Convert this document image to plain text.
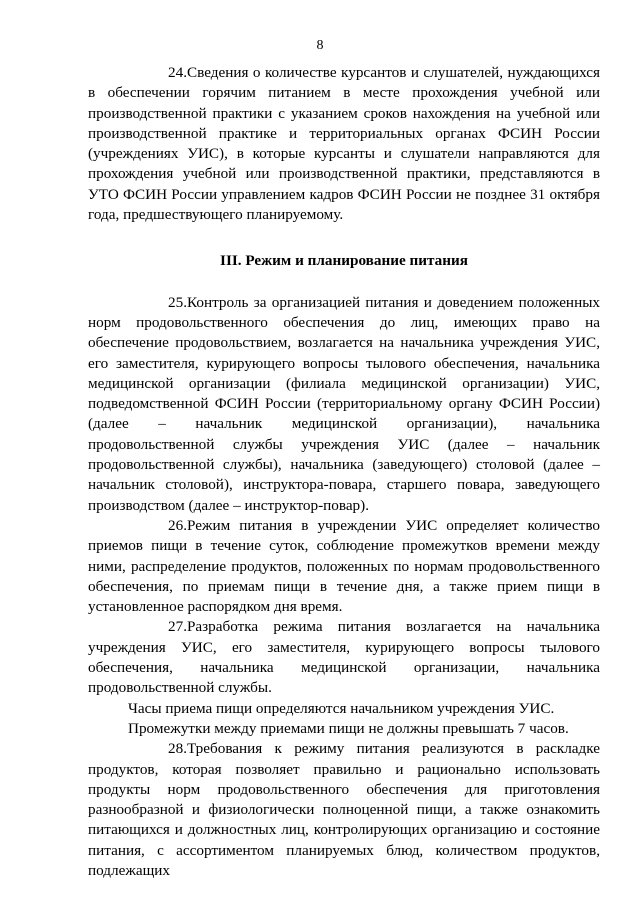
8

24.Сведения о количестве курсантов и слушателей, нуждающихся в обеспечении горячим питанием в месте прохождения учебной или производственной практики с указанием сроков нахождения на учебной или производственной практике и территориальных органах ФСИН России (учреждениях УИС), в которые курсанты и слушатели направляются для прохождения учебной или производственной практики, представляются в УТО ФСИН России управлением кадров ФСИН России не позднее 31 октября года, предшествующего планируемому.

III. Режим и планирование питания

25.Контроль за организацией питания и доведением положенных норм продовольственного обеспечения до лиц, имеющих право на обеспечение продовольствием, возлагается на начальника учреждения УИС, его заместителя, курирующего вопросы тылового обеспечения, начальника медицинской организации (филиала медицинской организации) УИС, подведомственной ФСИН России (территориальному органу ФСИН России) (далее – начальник медицинской организации), начальника продовольственной службы учреждения УИС (далее – начальник продовольственной службы), начальника (заведующего) столовой (далее – начальник столовой), инструктора-повара, старшего повара, заведующего производством (далее – инструктор-повар).

26.Режим питания в учреждении УИС определяет количество приемов пищи в течение суток, соблюдение промежутков времени между ними, распределение продуктов, положенных по нормам продовольственного обеспечения, по приемам пищи в течение дня, а также прием пищи в установленное распорядком дня время.

27.Разработка режима питания возлагается на начальника учреждения УИС, его заместителя, курирующего вопросы тылового обеспечения, начальника медицинской организации, начальника продовольственной службы.

Часы приема пищи определяются начальником учреждения УИС.

Промежутки между приемами пищи не должны превышать 7 часов.

28.Требования к режиму питания реализуются в раскладке продуктов, которая позволяет правильно и рационально использовать продукты норм продовольственного обеспечения для приготовления разнообразной и физиологически полноценной пищи, а также ознакомить питающихся и должностных лиц, контролирующих организацию и состояние питания, с ассортиментом планируемых блюд, количеством продуктов, подлежащих
